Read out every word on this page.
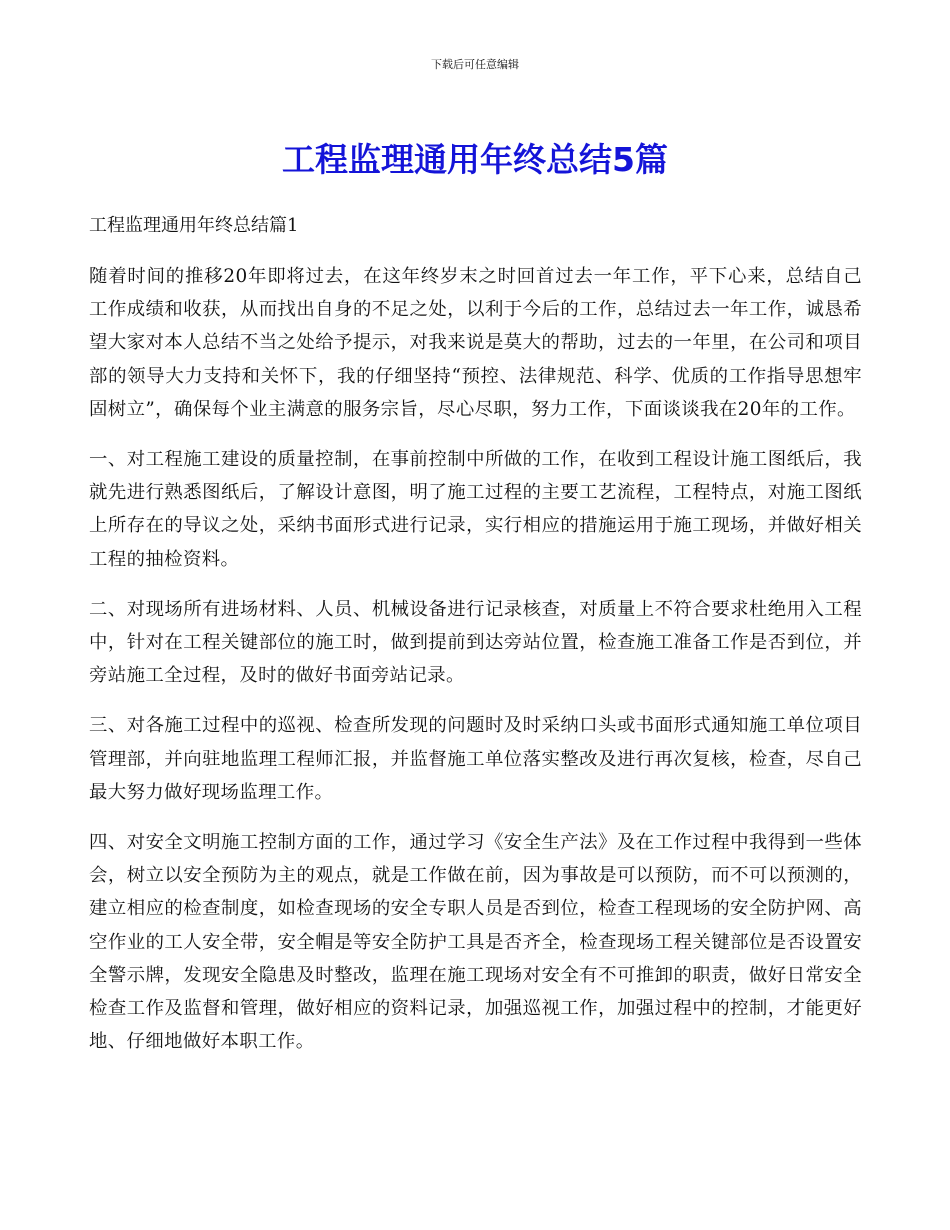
下载后可任意编辑
工程监理通用年终总结5篇

工程监理通用年终总结篇1

随着时间的推移20年即将过去，在这年终岁末之时回首过去一年工作，平下心来，总结自己工作成绩和收获，从而找出自身的不足之处，以利于今后的工作，总结过去一年工作，诚恳希望大家对本人总结不当之处给予提示，对我来说是莫大的帮助，过去的一年里，在公司和项目部的领导大力支持和关怀下，我的仔细坚持“预控、法律规范、科学、优质的工作指导思想牢固树立”，确保每个业主满意的服务宗旨，尽心尽职，努力工作，下面谈谈我在20年的工作。

一、对工程施工建设的质量控制，在事前控制中所做的工作，在收到工程设计施工图纸后，我就先进行熟悉图纸后，了解设计意图，明了施工过程的主要工艺流程，工程特点，对施工图纸上所存在的导议之处，采纳书面形式进行记录，实行相应的措施运用于施工现场，并做好相关工程的抽检资料。

二、对现场所有进场材料、人员、机械设备进行记录核查，对质量上不符合要求杜绝用入工程中，针对在工程关键部位的施工时，做到提前到达旁站位置，检查施工准备工作是否到位，并旁站施工全过程，及时的做好书面旁站记录。

三、对各施工过程中的巡视、检查所发现的问题时及时采纳口头或书面形式通知施工单位项目管理部，并向驻地监理工程师汇报，并监督施工单位落实整改及进行再次复核，检查，尽自己最大努力做好现场监理工作。

四、对安全文明施工控制方面的工作，通过学习《安全生产法》及在工作过程中我得到一些体会，树立以安全预防为主的观点，就是工作做在前，因为事故是可以预防，而不可以预测的，建立相应的检查制度，如检查现场的安全专职人员是否到位，检查工程现场的安全防护网、高空作业的工人安全带，安全帽是等安全防护工具是否齐全，检查现场工程关键部位是否设置安全警示牌，发现安全隐患及时整改，监理在施工现场对安全有不可推卸的职责，做好日常安全检查工作及监督和管理，做好相应的资料记录，加强巡视工作，加强过程中的控制，才能更好地、仔细地做好本职工作。
